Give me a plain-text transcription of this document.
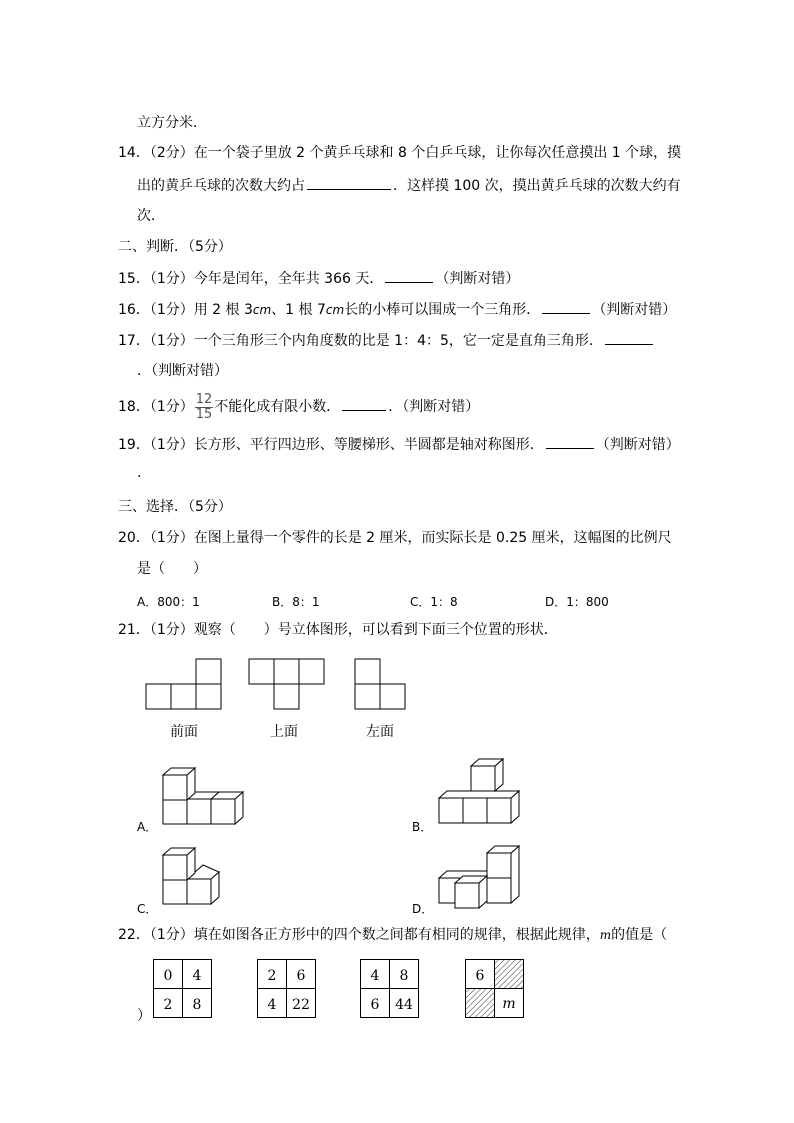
立方分米．
14．（2分）在一个袋子里放 2 个黄乒乓球和 8 个白乒乓球，让你每次任意摸出 1 个球，摸
出的黄乒乓球的次数大约占	．这样摸 100 次，摸出黄乒乓球的次数大约有
次．
二、判断．（5分）
15．（1分）今年是闰年，全年共 366 天．	（判断对错）
16．（1分）用 2 根 3cm、1 根 7cm长的小棒可以围成一个三角形．	（判断对错）
17．（1分）一个三角形三个内角度数的比是 1：4：5，它一定是直角三角形．
．（判断对错）
18．（1分） $\frac{12}{15}$ 不能化成有限小数．	．（判断对错）
19．（1分）长方形、平行四边形、等腰梯形、半圆都是轴对称图形．	（判断对错）
．
三、选择．（5分）
20．（1分）在图上量得一个零件的长是 2 厘米，而实际长是 0.25 厘米，这幅图的比例尺
是（　　）
A．800：1	B．8：1	C．1：8	D．1：800
21．（1分）观察（　　）号立体图形，可以看到下面三个位置的形状．
前面	上面	左面
A．	B．
C．	D．
22．（1分）填在如图各正方形中的四个数之间都有相同的规律，根据此规律，m的值是（
）
0 4
2 8
2 6
4 22
4 8
6 44
6
m
